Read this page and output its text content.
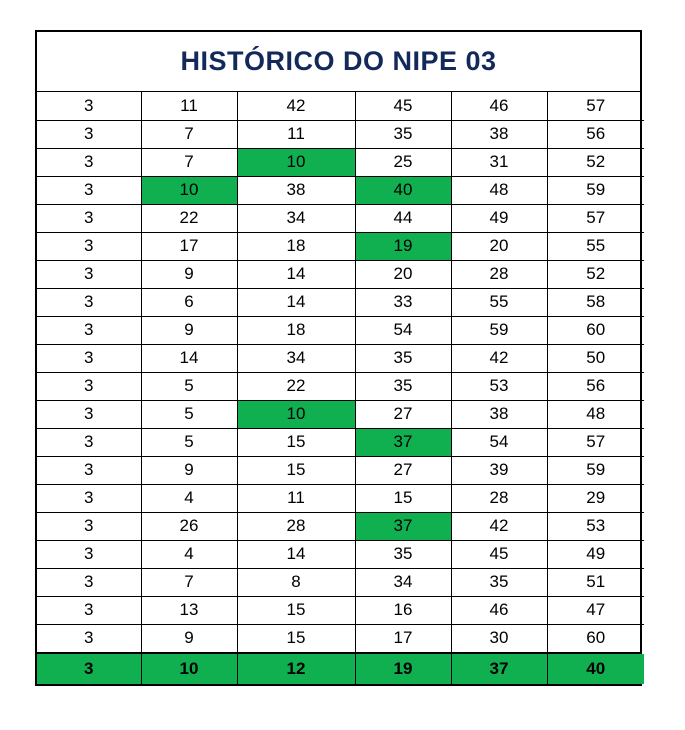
HISTÓRICO DO NIPE 03
3	11	42	45	46	57
3	7	11	35	38	56
3	7	10	25	31	52
3	10	38	40	48	59
3	22	34	44	49	57
3	17	18	19	20	55
3	9	14	20	28	52
3	6	14	33	55	58
3	9	18	54	59	60
3	14	34	35	42	50
3	5	22	35	53	56
3	5	10	27	38	48
3	5	15	37	54	57
3	9	15	27	39	59
3	4	11	15	28	29
3	26	28	37	42	53
3	4	14	35	45	49
3	7	8	34	35	51
3	13	15	16	46	47
3	9	15	17	30	60
3	10	12	19	37	40
